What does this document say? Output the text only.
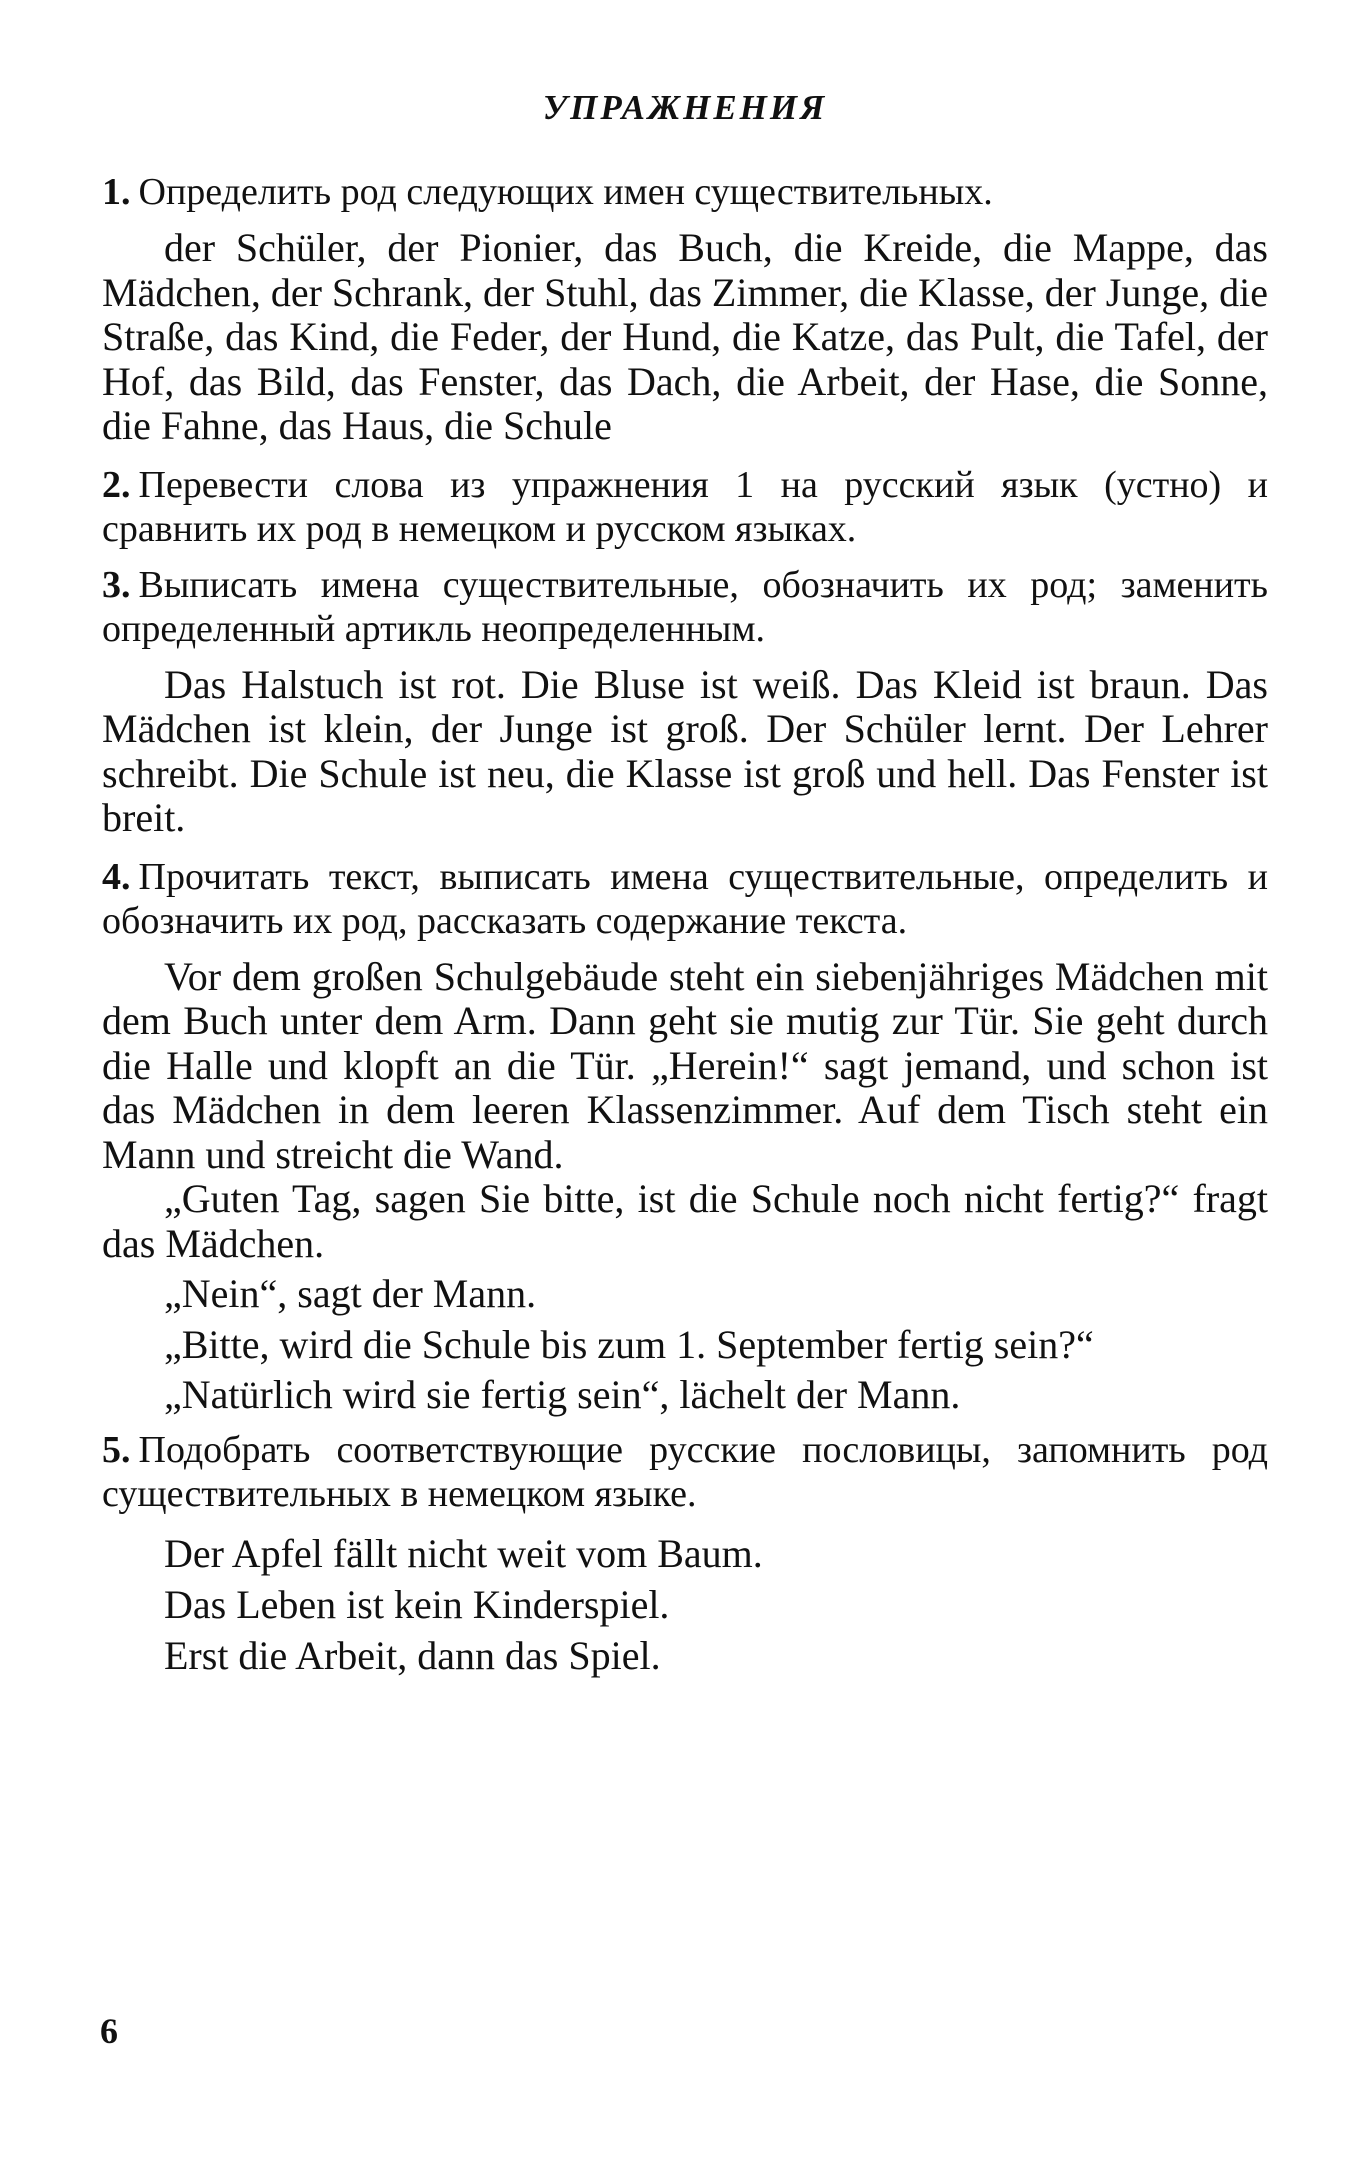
УПРАЖНЕНИЯ

1. Определить род следующих имен существительных.

der Schüler, der Pionier, das Buch, die Kreide, die Mappe, das Mädchen, der Schrank, der Stuhl, das Zimmer, die Klasse, der Junge, die Straße, das Kind, die Feder, der Hund, die Katze, das Pult, die Tafel, der Hof, das Bild, das Fenster, das Dach, die Arbeit, der Hase, die Sonne, die Fahne, das Haus, die Schule

2. Перевести слова из упражнения 1 на русский язык (устно) и сравнить их род в немецком и русском языках.

3. Выписать имена существительные, обозначить их род; заменить определенный артикль неопределенным.

Das Halstuch ist rot. Die Bluse ist weiß. Das Kleid ist braun. Das Mädchen ist klein, der Junge ist groß. Der Schüler lernt. Der Lehrer schreibt. Die Schule ist neu, die Klasse ist groß und hell. Das Fenster ist breit.

4. Прочитать текст, выписать имена существительные, определить и обозначить их род, рассказать содержание текста.

Vor dem großen Schulgebäude steht ein siebenjähriges Mädchen mit dem Buch unter dem Arm. Dann geht sie mutig zur Tür. Sie geht durch die Halle und klopft an die Tür. „Herein!“ sagt jemand, und schon ist das Mädchen in dem leeren Klassenzimmer. Auf dem Tisch steht ein Mann und streicht die Wand.

„Guten Tag, sagen Sie bitte, ist die Schule noch nicht fertig?“ fragt das Mädchen.

„Nein“, sagt der Mann.

„Bitte, wird die Schule bis zum 1. September fertig sein?“

„Natürlich wird sie fertig sein“, lächelt der Mann.

5. Подобрать соответствующие русские пословицы, запомнить род существительных в немецком языке.

Der Apfel fällt nicht weit vom Baum.

Das Leben ist kein Kinderspiel.

Erst die Arbeit, dann das Spiel.

6
